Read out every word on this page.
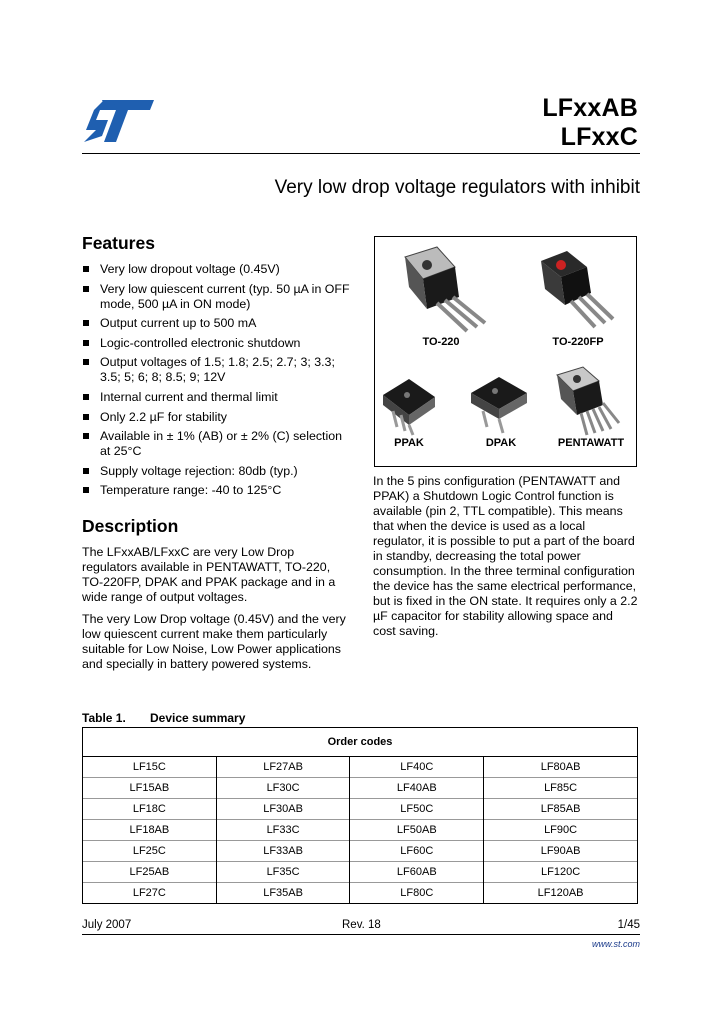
LFxxAB
LFxxC
Very low drop voltage regulators with inhibit
Features
Very low dropout voltage (0.45V)
Very low quiescent current (typ. 50 µA in OFF mode, 500 µA in ON mode)
Output current up to 500 mA
Logic-controlled electronic shutdown
Output voltages of 1.5; 1.8; 2.5; 2.7; 3; 3.3; 3.5; 5; 6; 8; 8.5; 9; 12V
Internal current and thermal limit
Only 2.2 µF for stability
Available in ± 1% (AB) or ± 2% (C) selection at 25°C
Supply voltage rejection: 80db (typ.)
Temperature range: -40 to 125°C
Description

The LFxxAB/LFxxC are very Low Drop regulators available in PENTAWATT, TO-220, TO-220FP, DPAK and PPAK package and in a wide range of output voltages.

The very Low Drop voltage (0.45V) and the very low quiescent current make them particularly suitable for Low Noise, Low Power applications and specially in battery powered systems.

TO-220	TO-220FP
PPAK	DPAK	PENTAWATT

In the 5 pins configuration (PENTAWATT and PPAK) a Shutdown Logic Control function is available (pin 2, TTL compatible). This means that when the device is used as a local regulator, it is possible to put a part of the board in standby, decreasing the total power consumption. In the three terminal configuration the device has the same electrical performance, but is fixed in the ON state. It requires only a 2.2 µF capacitor for stability allowing space and cost saving.

Table 1. Device summary
Order codes			
LF15C	LF27AB	LF40C	LF80AB
LF15AB	LF30C	LF40AB	LF85C
LF18C	LF30AB	LF50C	LF85AB
LF18AB	LF33C	LF50AB	LF90C
LF25C	LF33AB	LF60C	LF90AB
LF25AB	LF35C	LF60AB	LF120C
LF27C	LF35AB	LF80C	LF120AB
July 2007	Rev. 18	1/45
www.st.com
